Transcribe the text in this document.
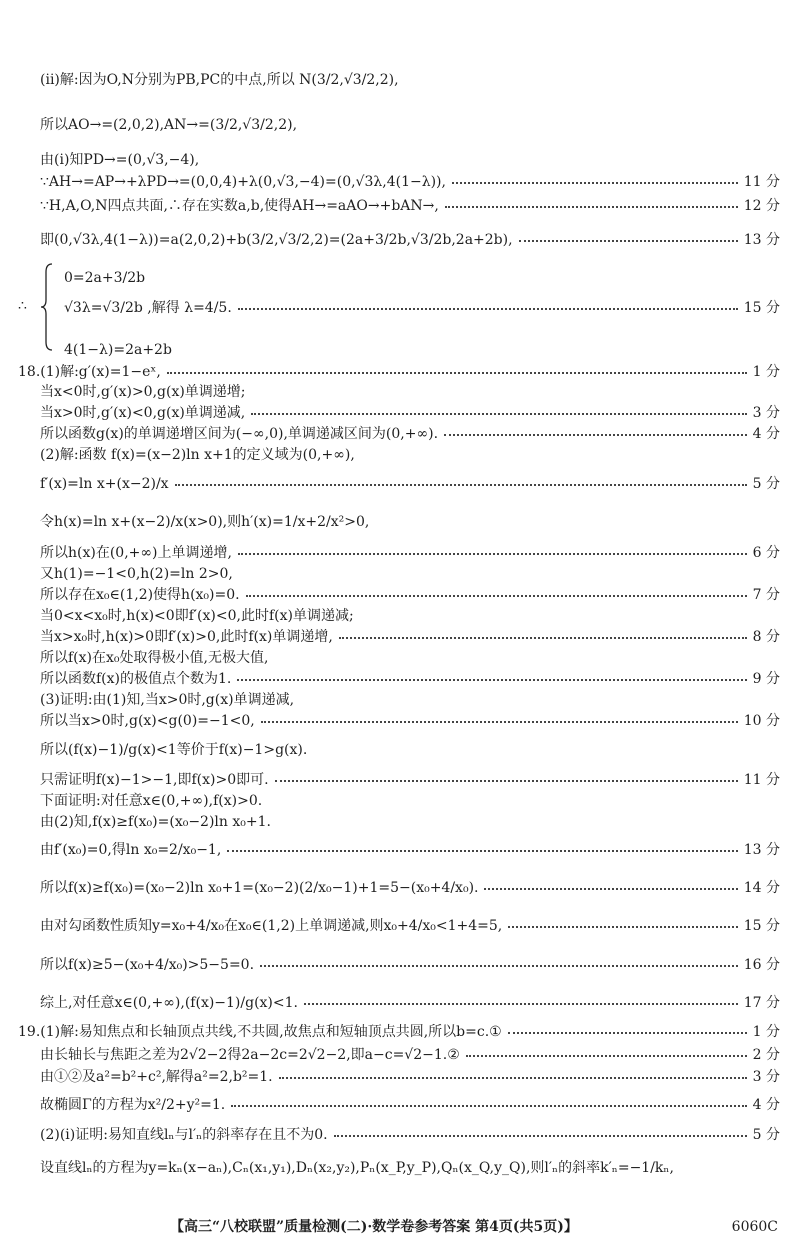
∴
【高三“八校联盟”质量检测(二)·数学卷参考答案 第4页(共5页)】	6060C
(ii)解:因为O,N分别为PB,PC的中点,所以 N(3/2,√3/2,2),
所以AO→=(2,0,2),AN→=(3/2,√3/2,2),
由(i)知PD→=(0,√3,−4),
∵AH→=AP→+λPD→=(0,0,4)+λ(0,√3,−4)=(0,√3λ,4(1−λ)),	11 分
∵H,A,O,N四点共面,∴存在实数a,b,使得AH→=aAO→+bAN→,	12 分
即(0,√3λ,4(1−λ))=a(2,0,2)+b(3/2,√3/2,2)=(2a+3/2b,√3/2b,2a+2b),	13 分
0=2a+3/2b
√3λ=√3/2b ,解得 λ=4/5.	15 分
4(1−λ)=2a+2b
18.(1)解:g′(x)=1−eˣ,	1 分
当x<0时,g′(x)>0,g(x)单调递增;
当x>0时,g′(x)<0,g(x)单调递减,	3 分
所以函数g(x)的单调递增区间为(−∞,0),单调递减区间为(0,+∞).	4 分
(2)解:函数 f(x)=(x−2)ln x+1的定义域为(0,+∞),
f′(x)=ln x+(x−2)/x	5 分
令h(x)=ln x+(x−2)/x(x>0),则h′(x)=1/x+2/x²>0,
所以h(x)在(0,+∞)上单调递增,	6 分
又h(1)=−1<0,h(2)=ln 2>0,
所以存在x₀∈(1,2)使得h(x₀)=0.	7 分
当0<x<x₀时,h(x)<0即f′(x)<0,此时f(x)单调递减;
当x>x₀时,h(x)>0即f′(x)>0,此时f(x)单调递增,	8 分
所以f(x)在x₀处取得极小值,无极大值,
所以函数f(x)的极值点个数为1.	9 分
(3)证明:由(1)知,当x>0时,g(x)单调递减,
所以当x>0时,g(x)<g(0)=−1<0,	10 分
所以(f(x)−1)/g(x)<1等价于f(x)−1>g(x).
只需证明f(x)−1>−1,即f(x)>0即可.	11 分
下面证明:对任意x∈(0,+∞),f(x)>0.
由(2)知,f(x)≥f(x₀)=(x₀−2)ln x₀+1.
由f′(x₀)=0,得ln x₀=2/x₀−1,	13 分
所以f(x)≥f(x₀)=(x₀−2)ln x₀+1=(x₀−2)(2/x₀−1)+1=5−(x₀+4/x₀).	14 分
由对勾函数性质知y=x₀+4/x₀在x₀∈(1,2)上单调递减,则x₀+4/x₀<1+4=5,	15 分
所以f(x)≥5−(x₀+4/x₀)>5−5=0.	16 分
综上,对任意x∈(0,+∞),(f(x)−1)/g(x)<1.	17 分
19.(1)解:易知焦点和长轴顶点共线,不共圆,故焦点和短轴顶点共圆,所以b=c.①	1 分
由长轴长与焦距之差为2√2−2得2a−2c=2√2−2,即a−c=√2−1.②	2 分
由①②及a²=b²+c²,解得a²=2,b²=1.	3 分
故椭圆Γ的方程为x²/2+y²=1.	4 分
(2)(i)证明:易知直线lₙ与l′ₙ的斜率存在且不为0.	5 分
设直线lₙ的方程为y=kₙ(x−aₙ),Cₙ(x₁,y₁),Dₙ(x₂,y₂),Pₙ(x_P,y_P),Qₙ(x_Q,y_Q),则l′ₙ的斜率k′ₙ=−1/kₙ,
